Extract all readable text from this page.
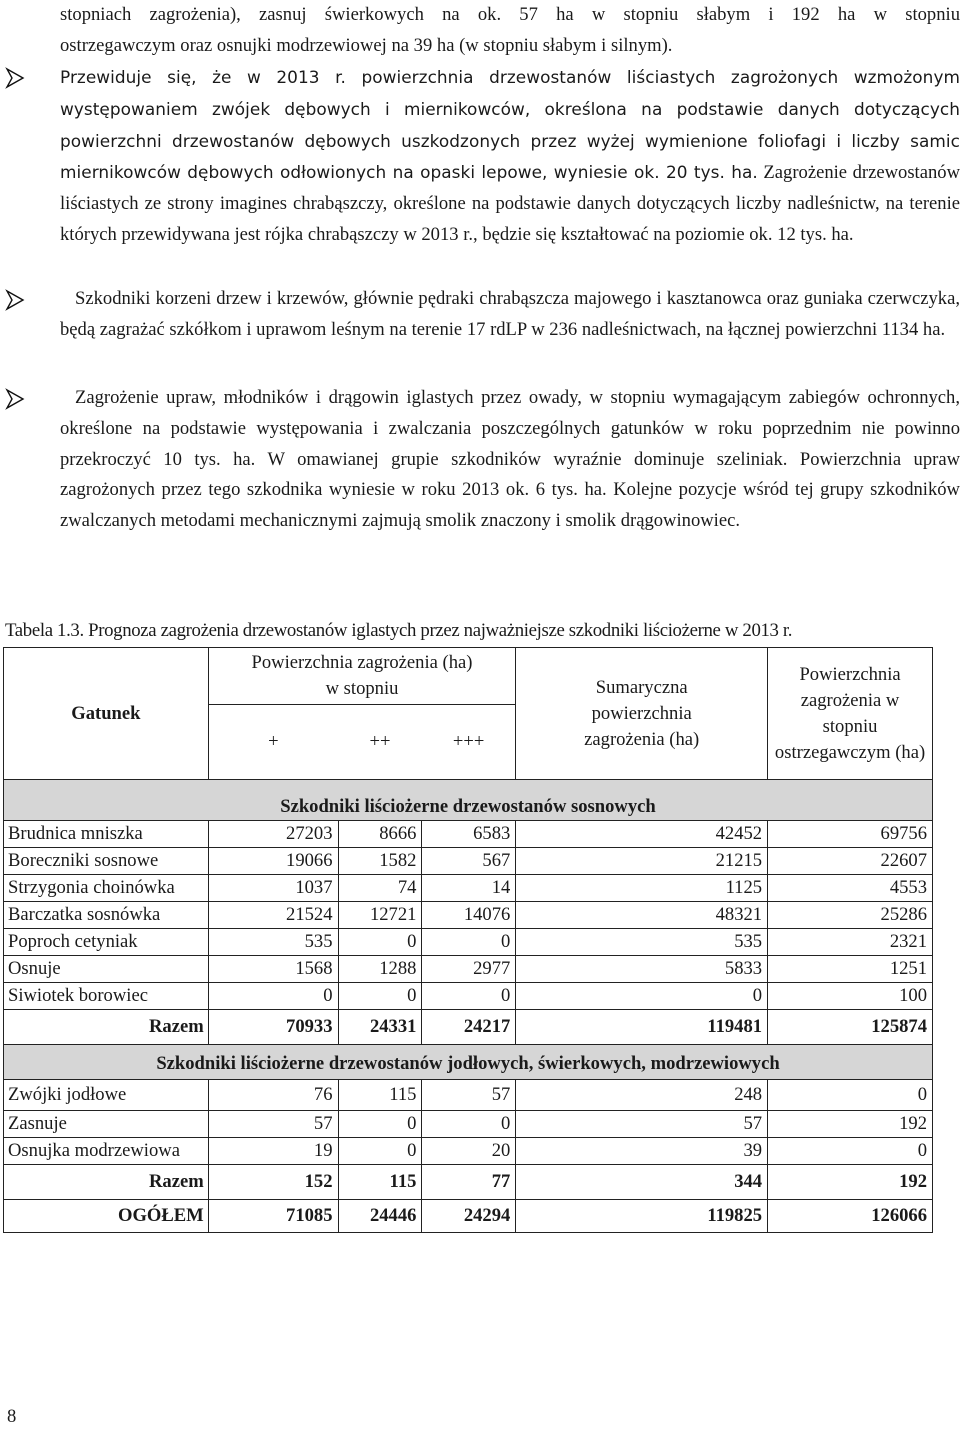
stopniach zagrożenia), zasnuj świerkowych na ok. 57 ha w stopniu słabym i 192 ha w stopniu

ostrzegawczym oraz osnujki modrzewiowej na 39 ha (w stopniu słabym i silnym).

Przewiduje się, że w 2013 r. powierzchnia drzewostanów liściastych zagrożonych wzmożonym występowaniem zwójek dębowych i miernikowców, określona na podstawie danych dotyczących powierzchni drzewostanów dębowych uszkodzonych przez wyżej wymienione foliofagi i liczby samic miernikowców dębowych odłowionych na opaski lepowe, wyniesie ok. 20 tys. ha.

Zagrożenie drzewostanów liściastych ze strony imagines chrabąszczy, określone na podstawie danych dotyczących liczby nadleśnictw, na terenie których przewidywana jest rójka chrabąszczy w 2013 r., będzie się kształtować na poziomie ok. 12 tys. ha.

Szkodniki korzeni drzew i krzewów, głównie pędraki chrabąszcza majowego i kasztanowca oraz guniaka czerwczyka, będą zagrażać szkółkom i uprawom leśnym na terenie 17 rdLP w 236 nadleśnictwach, na łącznej powierzchni 1134 ha.

Zagrożenie upraw, młodników i drągowin iglastych przez owady, w stopniu wymagającym zabiegów ochronnych, określone na podstawie występowania i zwalczania poszczególnych gatunków w roku poprzednim nie powinno przekroczyć 10 tys. ha. W omawianej grupie szkodników wyraźnie dominuje szeliniak. Powierzchnia upraw zagrożonych przez tego szkodnika wyniesie w roku 2013 ok. 6 tys. ha. Kolejne pozycje wśród tej grupy szkodników zwalczanych metodami mechanicznymi zajmują smolik znaczony i smolik drągowinowiec.

Tabela 1.3. Prognoza zagrożenia drzewostanów iglastych przez najważniejsze szkodniki liściożerne w 2013 r.
Gatunek	Powierzchnia zagrożenia (ha) w stopniu			Sumaryczna powierzchnia zagrożenia (ha)	Powierzchnia zagrożenia w stopniu ostrzegawczym (ha)
	+	++	+++		
Szkodniki liściożerne drzewostanów sosnowych					
Brudnica mniszka	27203	8666	6583	42452	69756
Boreczniki sosnowe	19066	1582	567	21215	22607
Strzygonia choinówka	1037	74	14	1125	4553
Barczatka sosnówka	21524	12721	14076	48321	25286
Poproch cetyniak	535	0	0	535	2321
Osnuje	1568	1288	2977	5833	1251
Siwiotek borowiec	0	0	0	0	100
Razem	70933	24331	24217	119481	125874
Szkodniki liściożerne drzewostanów jodłowych, świerkowych, modrzewiowych					
Zwójki jodłowe	76	115	57	248	0
Zasnuje	57	0	0	57	192
Osnujka modrzewiowa	19	0	20	39	0
Razem	152	115	77	344	192
OGÓŁEM	71085	24446	24294	119825	126066
8
